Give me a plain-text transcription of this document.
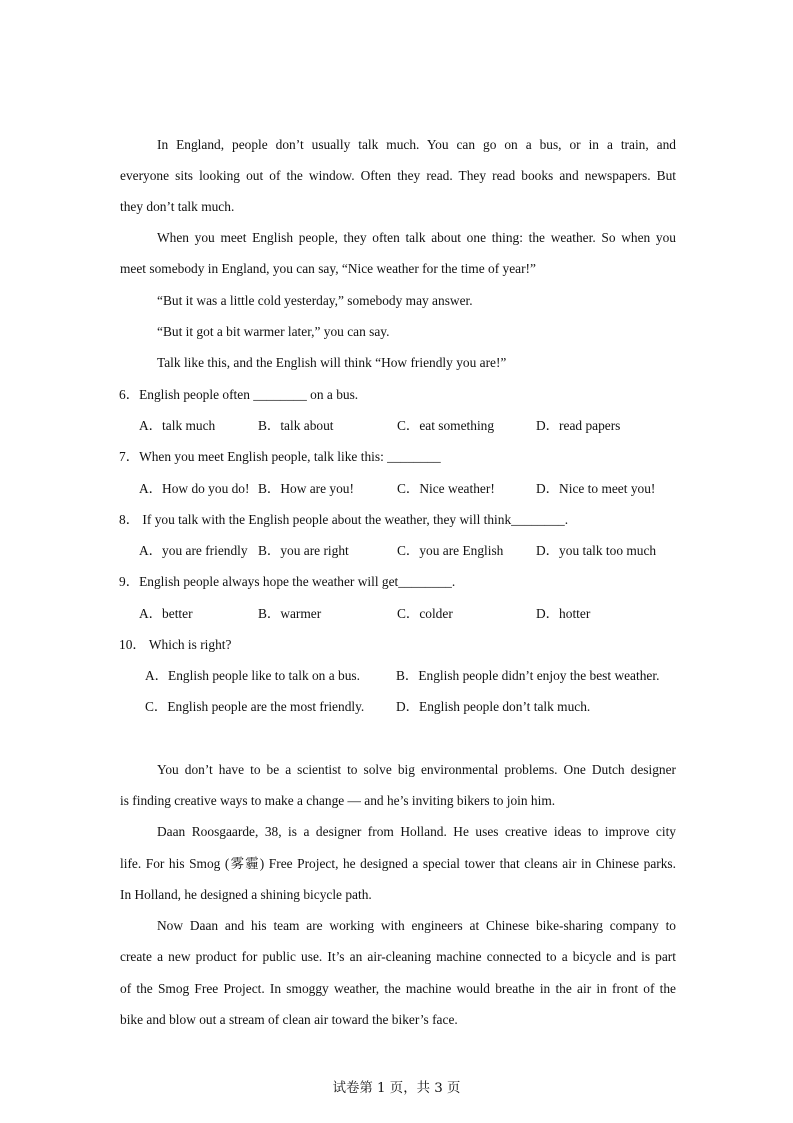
In England, people don’t usually talk much. You can go on a bus, or in a train, and
everyone sits looking out of the window. Often they read. They read books and newspapers. But
they don’t talk much.
When you meet English people, they often talk about one thing: the weather. So when you
meet somebody in England, you can say, “Nice weather for the time of year!”
“But it was a little cold yesterday,” somebody may answer.
“But it got a bit warmer later,” you can say.
Talk like this, and the English will think “How friendly you are!”
6．English people often ________ on a bus.
A．talk much	B．talk about	C．eat something	D．read papers
7．When you meet English people, talk like this: ________
A．How do you do! B．How are you!	C．Nice weather!	D．Nice to meet you!
8． If you talk with the English people about the weather, they will think________.
A．you are friendly B．you are right	C．you are English D．you talk too much
9．English people always hope the weather will get________.
A．better	B．warmer	C．colder	D．hotter
10． Which is right?
A．English people like to talk on a bus.	B．English people didn’t enjoy the best weather.
C．English people are the most friendly. D．English people don’t talk much.
You don’t have to be a scientist to solve big environmental problems. One Dutch designer
is finding creative ways to make a change — and he’s inviting bikers to join him.
Daan Roosgaarde, 38, is a designer from Holland. He uses creative ideas to improve city
life. For his Smog (雾霾) Free Project, he designed a special tower that cleans air in Chinese parks.
In Holland, he designed a shining bicycle path.
Now Daan and his team are working with engineers at Chinese bike-sharing company to
create a new product for public use. It’s an air-cleaning machine connected to a bicycle and is part
of the Smog Free Project. In smoggy weather, the machine would breathe in the air in front of the
bike and blow out a stream of clean air toward the biker’s face.
试卷第 1 页，共 3 页
